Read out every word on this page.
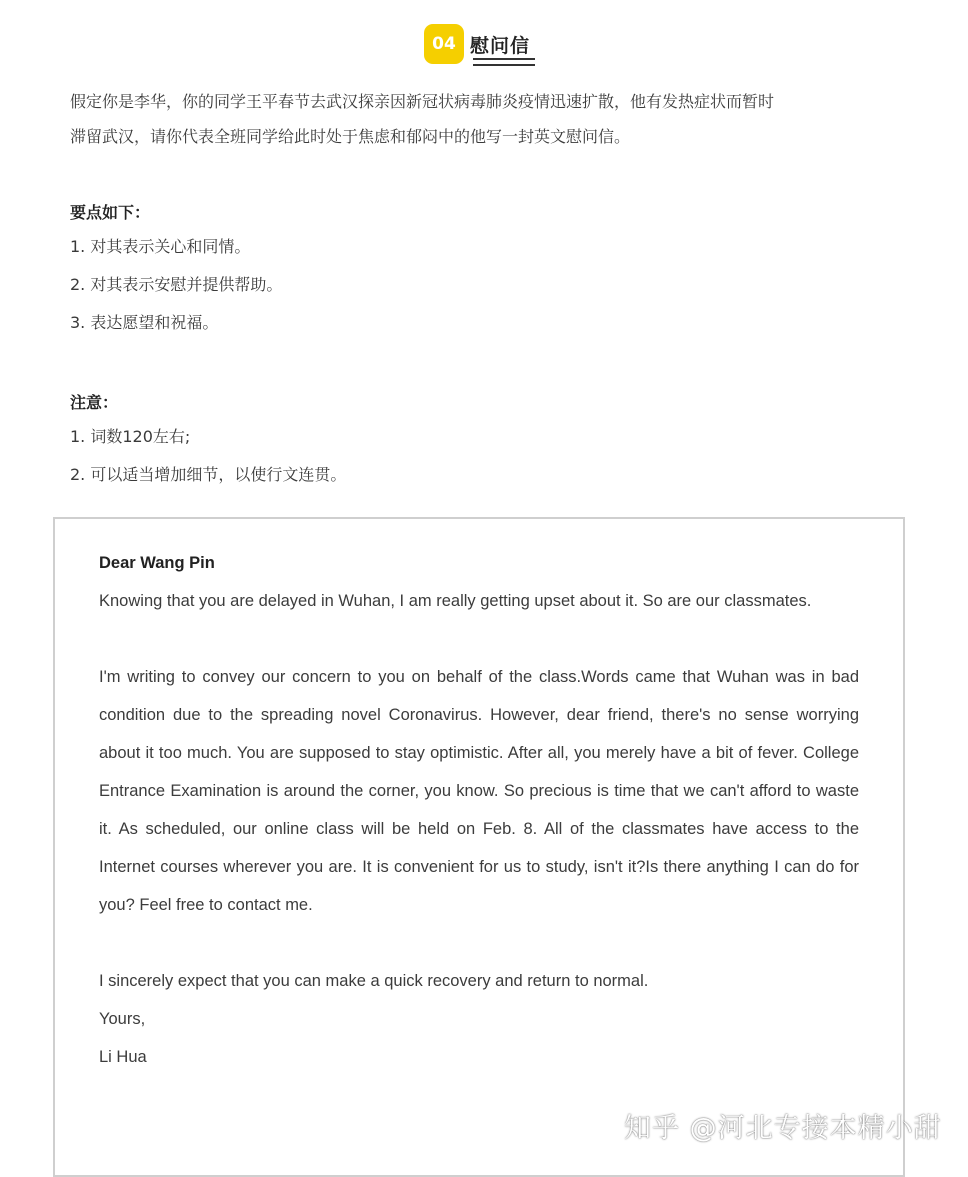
04 慰问信
假定你是李华，你的同学王平春节去武汉探亲因新冠状病毒肺炎疫情迅速扩散，他有发热症状而暂时
滞留武汉，请你代表全班同学给此时处于焦虑和郁闷中的他写一封英文慰问信。
要点如下：
1. 对其表示关心和同情。
2. 对其表示安慰并提供帮助。
3. 表达愿望和祝福。
注意：
1. 词数120左右;
2. 可以适当增加细节，以使行文连贯。

Dear Wang Pin

Knowing that you are delayed in Wuhan, I am really getting upset about it. So are our classmates.

I'm writing to convey our concern to you on behalf of the class.Words came that Wuhan was in bad condition due to the spreading novel Coronavirus. However, dear friend, there's no sense worrying about it too much. You are supposed to stay optimistic. After all, you merely have a bit of fever. College Entrance Examination is around the corner, you know. So precious is time that we can't afford to waste it. As scheduled, our online class will be held on Feb. 8. All of the classmates have access to the Internet courses wherever you are. It is convenient for us to study, isn't it?Is there anything I can do for you? Feel free to contact me.

I sincerely expect that you can make a quick recovery and return to normal.

Yours,

Li Hua

知乎 @河北专接本精小甜
